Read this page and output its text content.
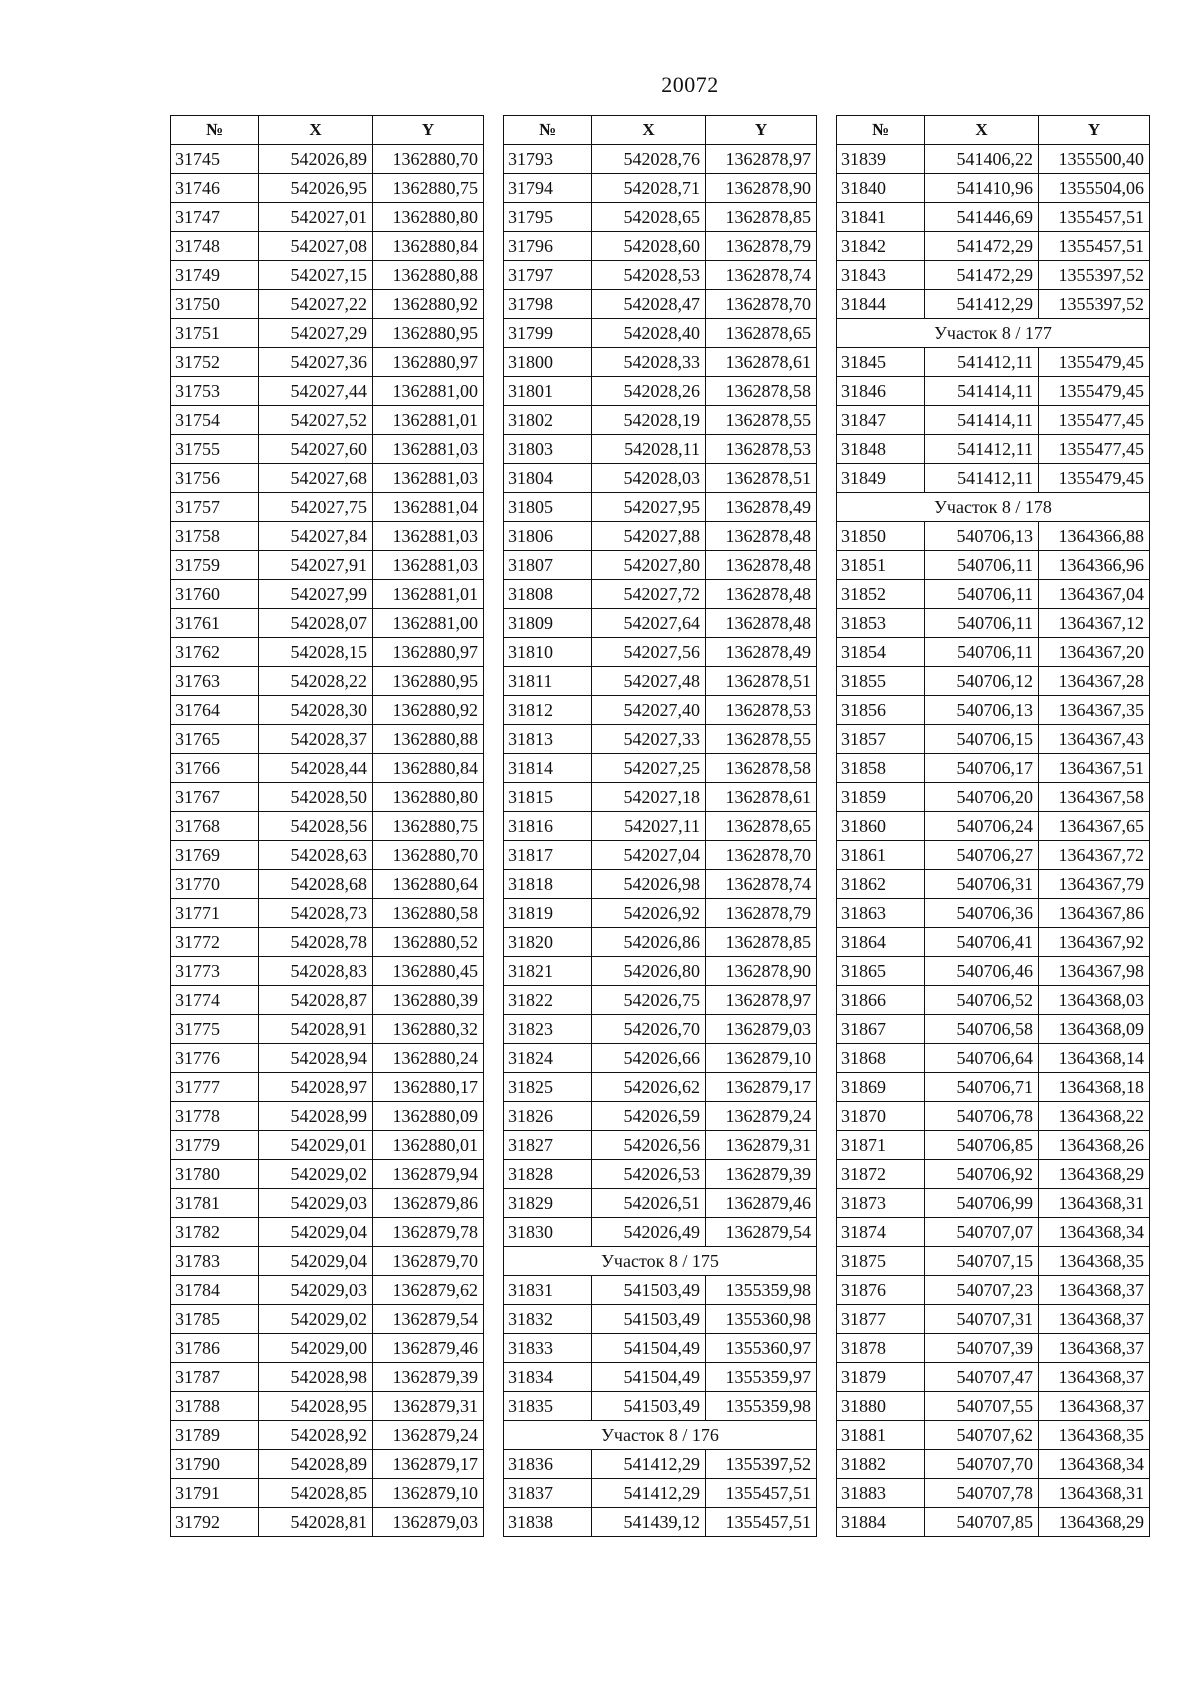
20072
№	X	Y
31745	542026,89	1362880,70
31746	542026,95	1362880,75
31747	542027,01	1362880,80
31748	542027,08	1362880,84
31749	542027,15	1362880,88
31750	542027,22	1362880,92
31751	542027,29	1362880,95
31752	542027,36	1362880,97
31753	542027,44	1362881,00
31754	542027,52	1362881,01
31755	542027,60	1362881,03
31756	542027,68	1362881,03
31757	542027,75	1362881,04
31758	542027,84	1362881,03
31759	542027,91	1362881,03
31760	542027,99	1362881,01
31761	542028,07	1362881,00
31762	542028,15	1362880,97
31763	542028,22	1362880,95
31764	542028,30	1362880,92
31765	542028,37	1362880,88
31766	542028,44	1362880,84
31767	542028,50	1362880,80
31768	542028,56	1362880,75
31769	542028,63	1362880,70
31770	542028,68	1362880,64
31771	542028,73	1362880,58
31772	542028,78	1362880,52
31773	542028,83	1362880,45
31774	542028,87	1362880,39
31775	542028,91	1362880,32
31776	542028,94	1362880,24
31777	542028,97	1362880,17
31778	542028,99	1362880,09
31779	542029,01	1362880,01
31780	542029,02	1362879,94
31781	542029,03	1362879,86
31782	542029,04	1362879,78
31783	542029,04	1362879,70
31784	542029,03	1362879,62
31785	542029,02	1362879,54
31786	542029,00	1362879,46
31787	542028,98	1362879,39
31788	542028,95	1362879,31
31789	542028,92	1362879,24
31790	542028,89	1362879,17
31791	542028,85	1362879,10
31792	542028,81	1362879,03
№	X	Y
31793	542028,76	1362878,97
31794	542028,71	1362878,90
31795	542028,65	1362878,85
31796	542028,60	1362878,79
31797	542028,53	1362878,74
31798	542028,47	1362878,70
31799	542028,40	1362878,65
31800	542028,33	1362878,61
31801	542028,26	1362878,58
31802	542028,19	1362878,55
31803	542028,11	1362878,53
31804	542028,03	1362878,51
31805	542027,95	1362878,49
31806	542027,88	1362878,48
31807	542027,80	1362878,48
31808	542027,72	1362878,48
31809	542027,64	1362878,48
31810	542027,56	1362878,49
31811	542027,48	1362878,51
31812	542027,40	1362878,53
31813	542027,33	1362878,55
31814	542027,25	1362878,58
31815	542027,18	1362878,61
31816	542027,11	1362878,65
31817	542027,04	1362878,70
31818	542026,98	1362878,74
31819	542026,92	1362878,79
31820	542026,86	1362878,85
31821	542026,80	1362878,90
31822	542026,75	1362878,97
31823	542026,70	1362879,03
31824	542026,66	1362879,10
31825	542026,62	1362879,17
31826	542026,59	1362879,24
31827	542026,56	1362879,31
31828	542026,53	1362879,39
31829	542026,51	1362879,46
31830	542026,49	1362879,54
Участок 8 / 175		
31831	541503,49	1355359,98
31832	541503,49	1355360,98
31833	541504,49	1355360,97
31834	541504,49	1355359,97
31835	541503,49	1355359,98
Участок 8 / 176		
31836	541412,29	1355397,52
31837	541412,29	1355457,51
31838	541439,12	1355457,51
№	X	Y
31839	541406,22	1355500,40
31840	541410,96	1355504,06
31841	541446,69	1355457,51
31842	541472,29	1355457,51
31843	541472,29	1355397,52
31844	541412,29	1355397,52
Участок 8 / 177		
31845	541412,11	1355479,45
31846	541414,11	1355479,45
31847	541414,11	1355477,45
31848	541412,11	1355477,45
31849	541412,11	1355479,45
Участок 8 / 178		
31850	540706,13	1364366,88
31851	540706,11	1364366,96
31852	540706,11	1364367,04
31853	540706,11	1364367,12
31854	540706,11	1364367,20
31855	540706,12	1364367,28
31856	540706,13	1364367,35
31857	540706,15	1364367,43
31858	540706,17	1364367,51
31859	540706,20	1364367,58
31860	540706,24	1364367,65
31861	540706,27	1364367,72
31862	540706,31	1364367,79
31863	540706,36	1364367,86
31864	540706,41	1364367,92
31865	540706,46	1364367,98
31866	540706,52	1364368,03
31867	540706,58	1364368,09
31868	540706,64	1364368,14
31869	540706,71	1364368,18
31870	540706,78	1364368,22
31871	540706,85	1364368,26
31872	540706,92	1364368,29
31873	540706,99	1364368,31
31874	540707,07	1364368,34
31875	540707,15	1364368,35
31876	540707,23	1364368,37
31877	540707,31	1364368,37
31878	540707,39	1364368,37
31879	540707,47	1364368,37
31880	540707,55	1364368,37
31881	540707,62	1364368,35
31882	540707,70	1364368,34
31883	540707,78	1364368,31
31884	540707,85	1364368,29
